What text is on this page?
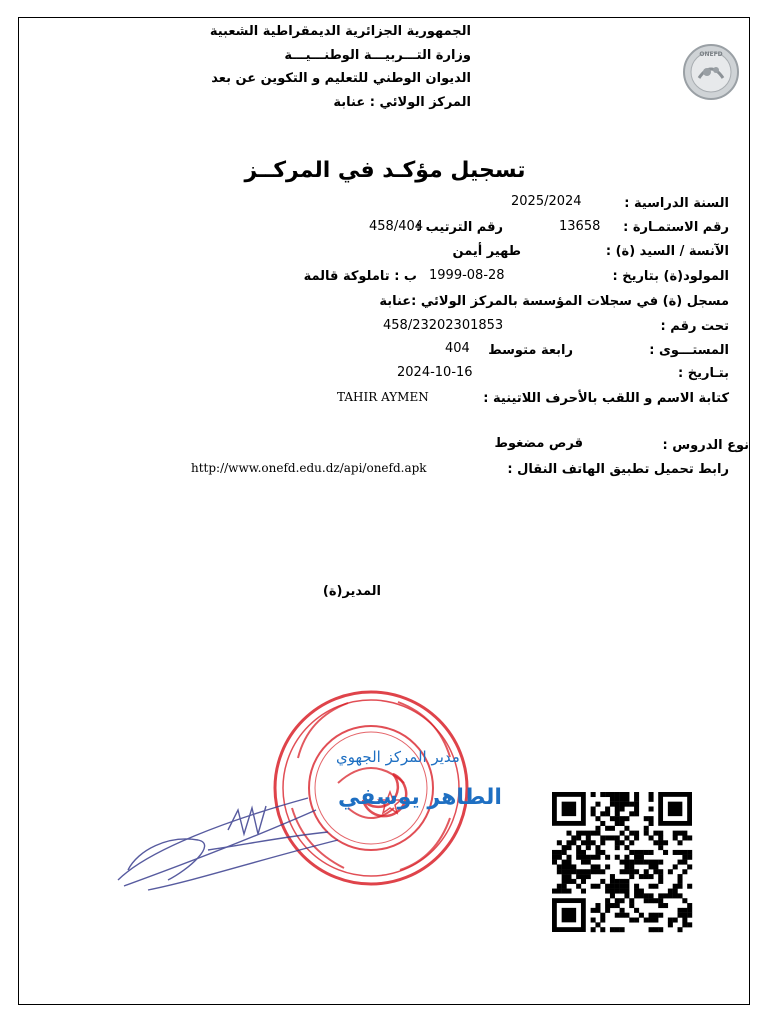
ONEFD
الجمهورية الجزائرية الديمقراطية الشعبية
وزارة التـــربيـــة الوطنـــيـــة
الديوان الوطني للتعليم و التكوين عن بعد
المركز الولائي : عنابة
تسجيل مؤكـد في المركــز
السنة الدراسية :
2025/2024
رقم الاستمـارة :
13658
رقم الترتيب :
458/404
الآنسة / السيد (ة) :
طهير أيمن
المولود(ة) بتاريخ :
1999-08-28
ب : تاملوكة قالمة
مسجل (ة) في سجلات المؤسسة بالمركز الولائي :عنابة
تحت رقم :
458/23202301853
المستـــوى :
رابعة متوسط
404
بتـاريخ :
2024-10-16
كتابة الاسم و اللقب بالأحرف اللاتينية :
TAHIR AYMEN
نوع الدروس :
قرص مضغوط
رابط تحميل تطبيق الهاتف النقال :
http://www.onefd.edu.dz/api/onefd.apk
المدير(ة)
مدير المركز الجهوي
الطاهر يوسفي
